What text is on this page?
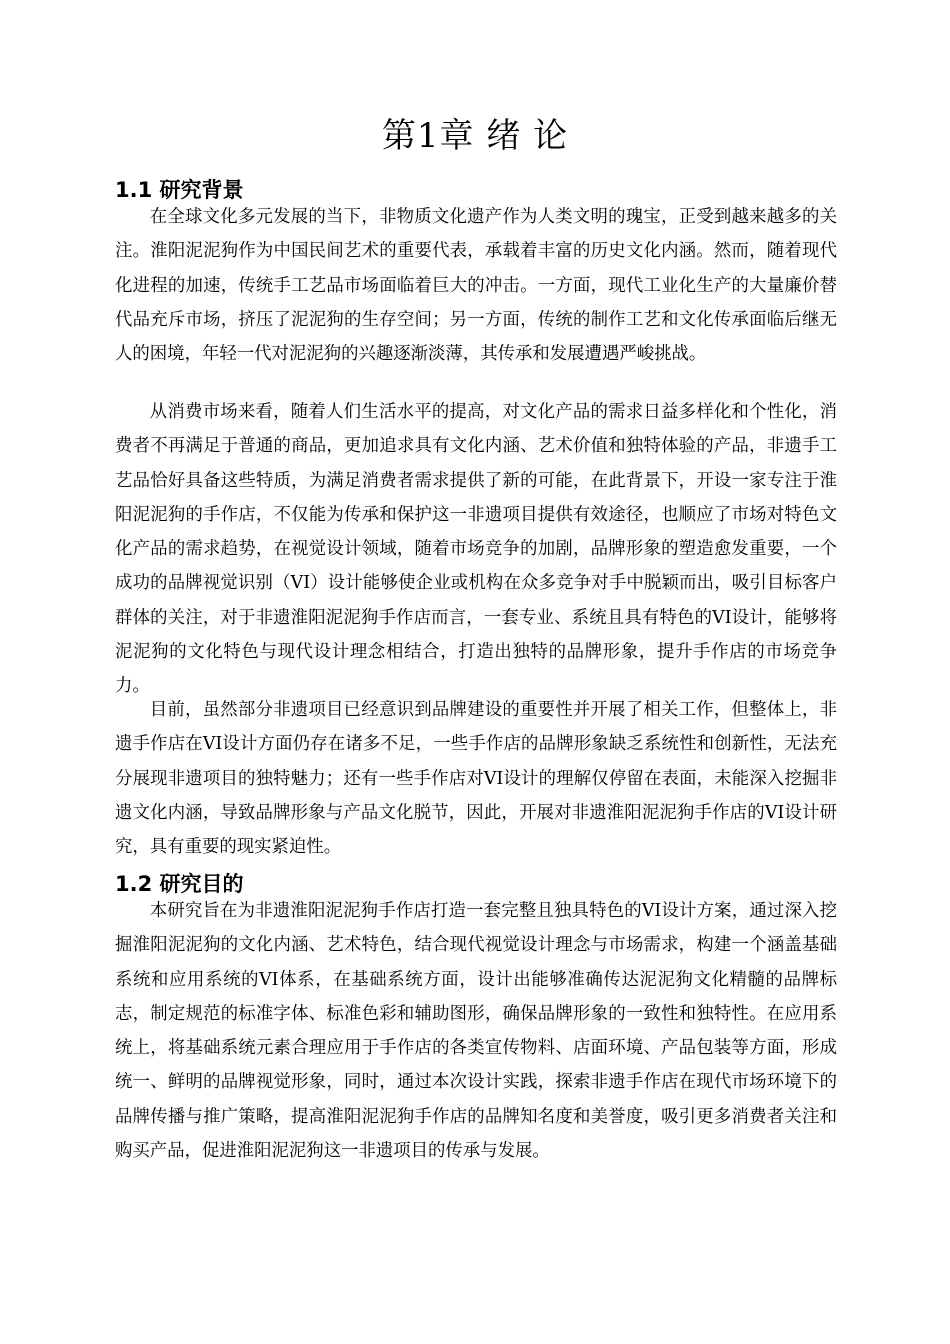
第1章 绪 论
1.1 研究背景

在全球文化多元发展的当下，非物质文化遗产作为人类文明的瑰宝，正受到越来越多的关注。淮阳泥泥狗作为中国民间艺术的重要代表，承载着丰富的历史文化内涵。然而，随着现代化进程的加速，传统手工艺品市场面临着巨大的冲击。一方面，现代工业化生产的大量廉价替代品充斥市场，挤压了泥泥狗的生存空间；另一方面，传统的制作工艺和文化传承面临后继无人的困境，年轻一代对泥泥狗的兴趣逐渐淡薄，其传承和发展遭遇严峻挑战。

从消费市场来看，随着人们生活水平的提高，对文化产品的需求日益多样化和个性化，消费者不再满足于普通的商品，更加追求具有文化内涵、艺术价值和独特体验的产品，非遗手工艺品恰好具备这些特质，为满足消费者需求提供了新的可能，在此背景下，开设一家专注于淮阳泥泥狗的手作店，不仅能为传承和保护这一非遗项目提供有效途径，也顺应了市场对特色文化产品的需求趋势，在视觉设计领域，随着市场竞争的加剧，品牌形象的塑造愈发重要，一个成功的品牌视觉识别（VI）设计能够使企业或机构在众多竞争对手中脱颖而出，吸引目标客户群体的关注，对于非遗淮阳泥泥狗手作店而言，一套专业、系统且具有特色的VI设计，能够将泥泥狗的文化特色与现代设计理念相结合，打造出独特的品牌形象，提升手作店的市场竞争力。

目前，虽然部分非遗项目已经意识到品牌建设的重要性并开展了相关工作，但整体上，非遗手作店在VI设计方面仍存在诸多不足，一些手作店的品牌形象缺乏系统性和创新性，无法充分展现非遗项目的独特魅力；还有一些手作店对VI设计的理解仅停留在表面，未能深入挖掘非遗文化内涵，导致品牌形象与产品文化脱节，因此，开展对非遗淮阳泥泥狗手作店的VI设计研究，具有重要的现实紧迫性。

1.2 研究目的

本研究旨在为非遗淮阳泥泥狗手作店打造一套完整且独具特色的VI设计方案，通过深入挖掘淮阳泥泥狗的文化内涵、艺术特色，结合现代视觉设计理念与市场需求，构建一个涵盖基础系统和应用系统的VI体系，在基础系统方面，设计出能够准确传达泥泥狗文化精髓的品牌标志，制定规范的标准字体、标准色彩和辅助图形，确保品牌形象的一致性和独特性。在应用系统上，将基础系统元素合理应用于手作店的各类宣传物料、店面环境、产品包装等方面，形成统一、鲜明的品牌视觉形象，同时，通过本次设计实践，探索非遗手作店在现代市场环境下的品牌传播与推广策略，提高淮阳泥泥狗手作店的品牌知名度和美誉度，吸引更多消费者关注和购买产品，促进淮阳泥泥狗这一非遗项目的传承与发展。
